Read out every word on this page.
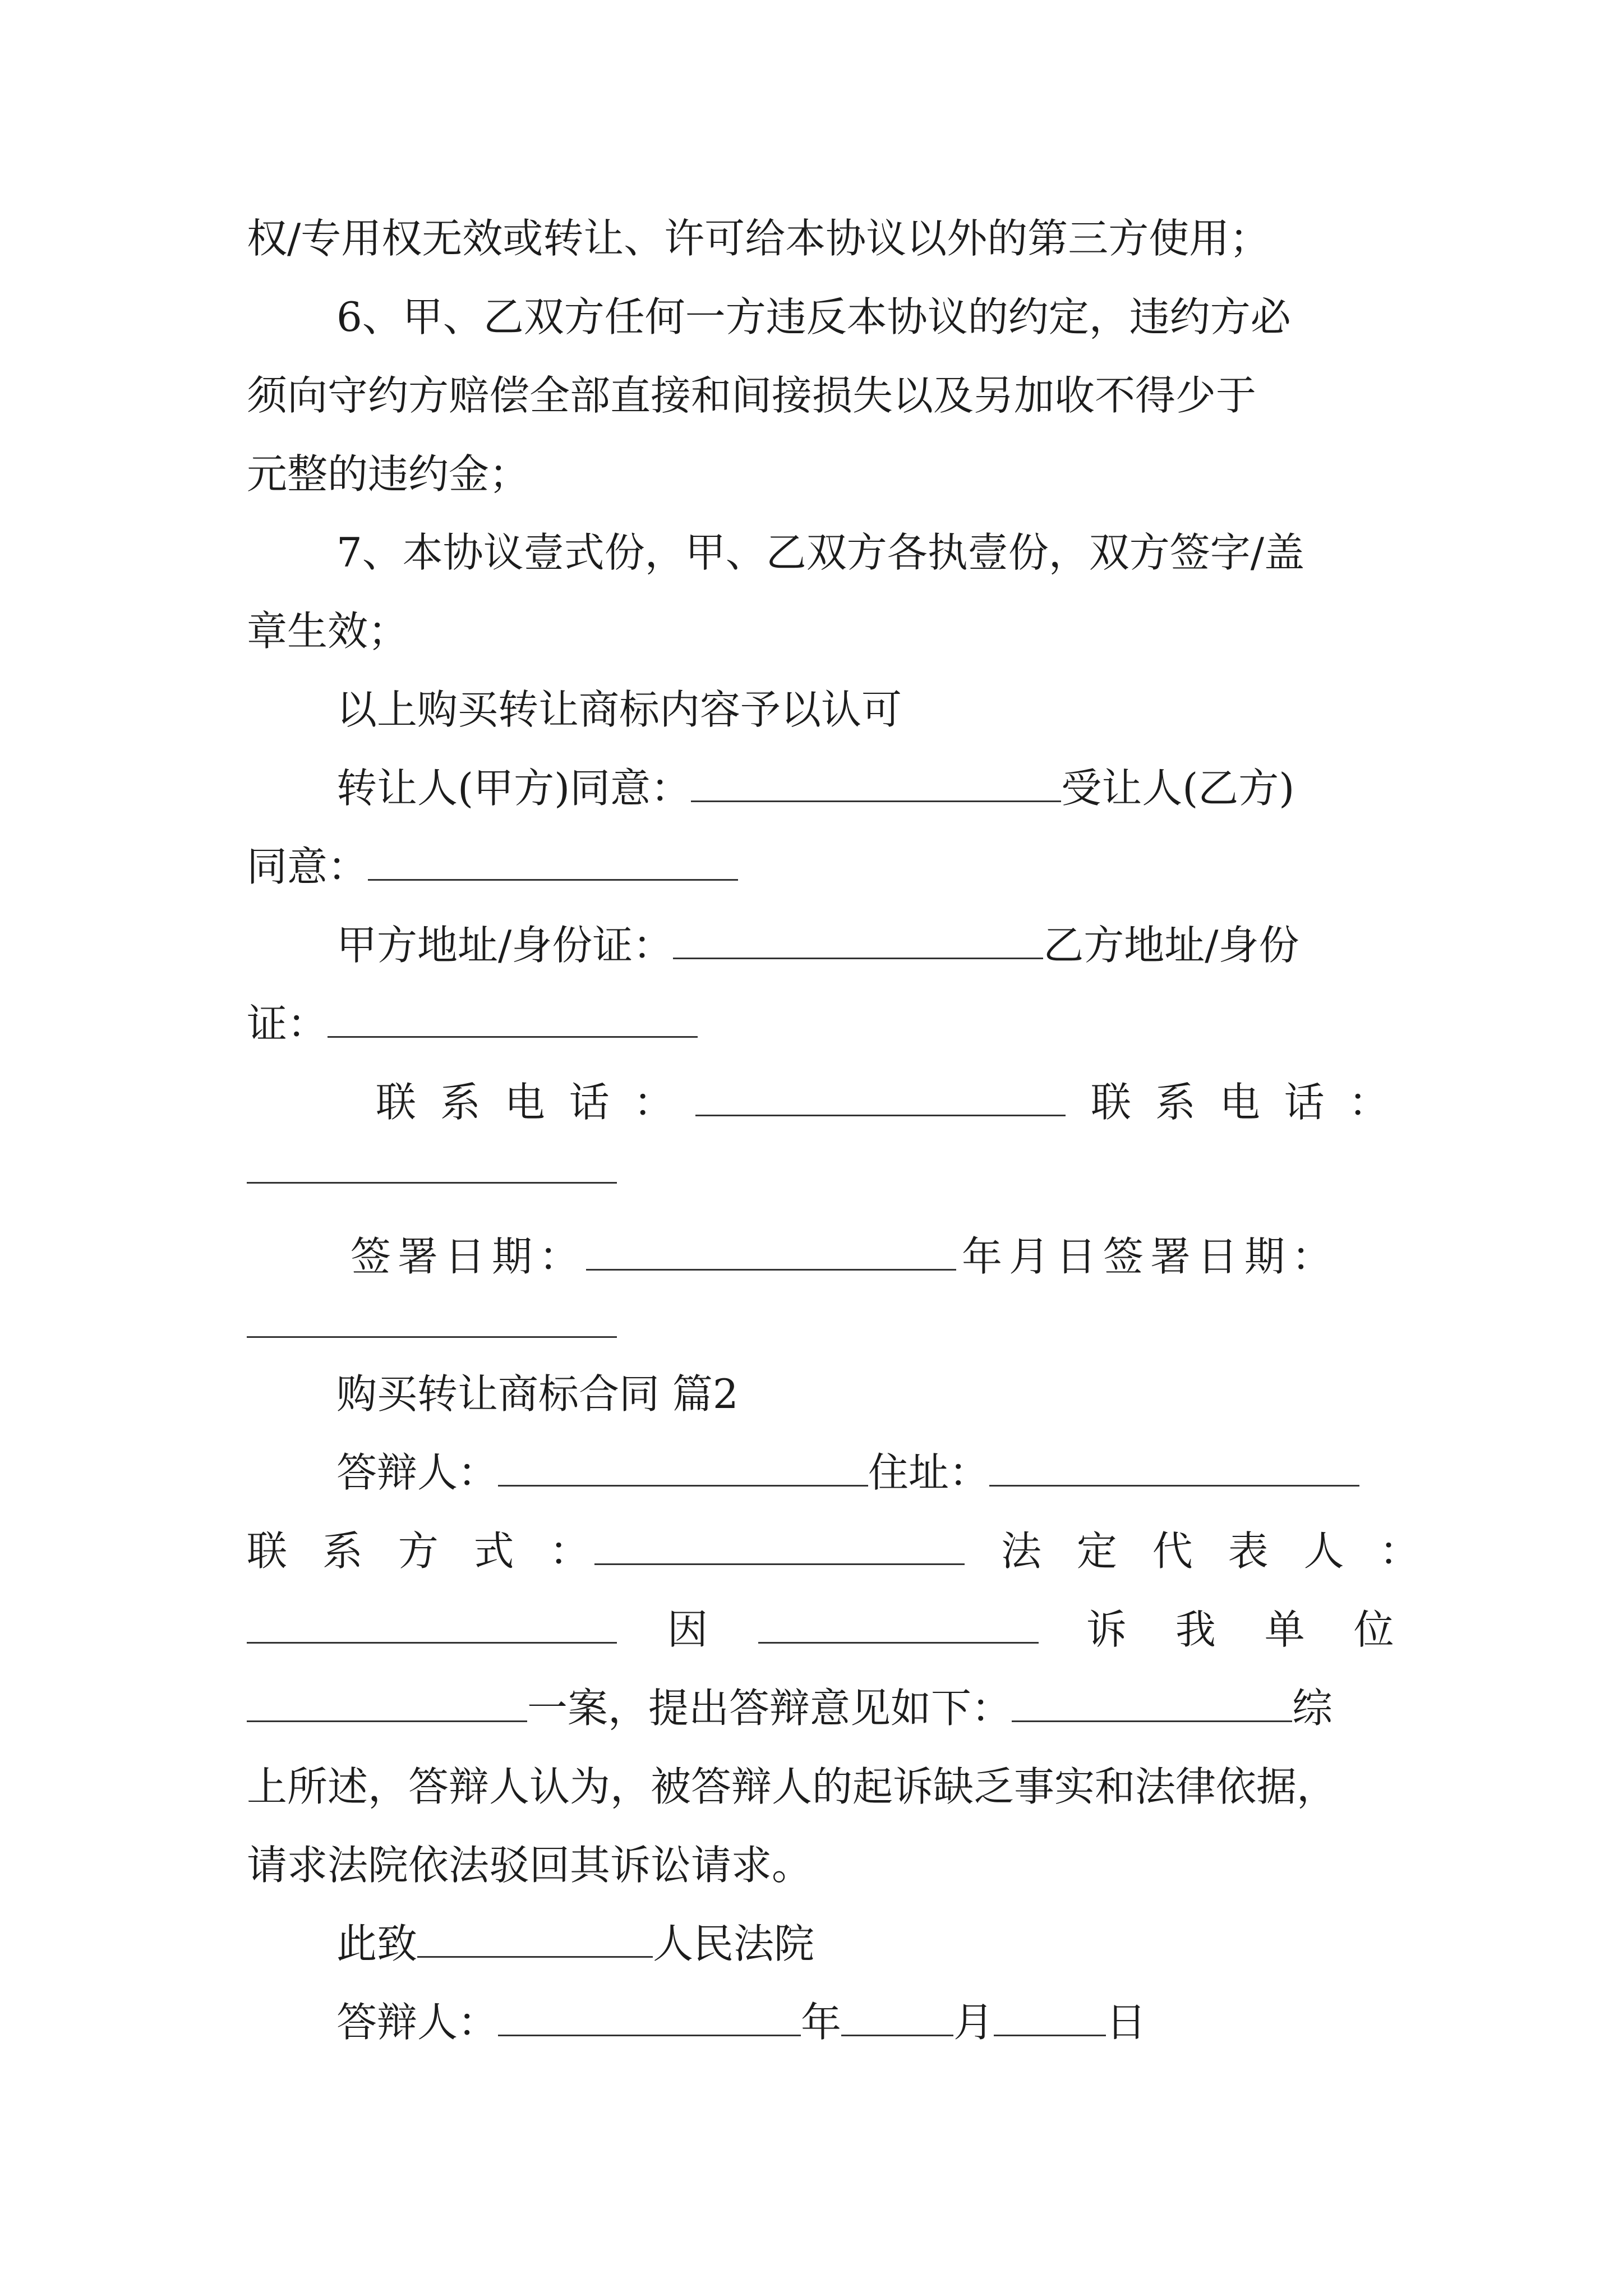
权/专用权无效或转让、许可给本协议以外的第三方使用；
6、甲、乙双方任何一方违反本协议的约定，违约方必
须向守约方赔偿全部直接和间接损失以及另加收不得少于
元整的违约金；
7、本协议壹式份，甲、乙双方各执壹份，双方签字/盖
章生效；
以上购买转让商标内容予以认可
转让人(甲方)同意：	受让人(乙方)
同意：
甲方地址/身份证：	乙方地址/身份
证：
联 系 电 话 ：	联 系 电 话 ：
签署日期：	年月日签署日期：
购买转让商标合同 篇2
答辩人：	住址：
联 系 方 式 ：	法 定 代 表 人 ：
因	诉 我 单 位
一案，提出答辩意见如下：	综
上所述，答辩人认为，被答辩人的起诉缺乏事实和法律依据，
请求法院依法驳回其诉讼请求。
此致	人民法院
答辩人：	年	月	日
